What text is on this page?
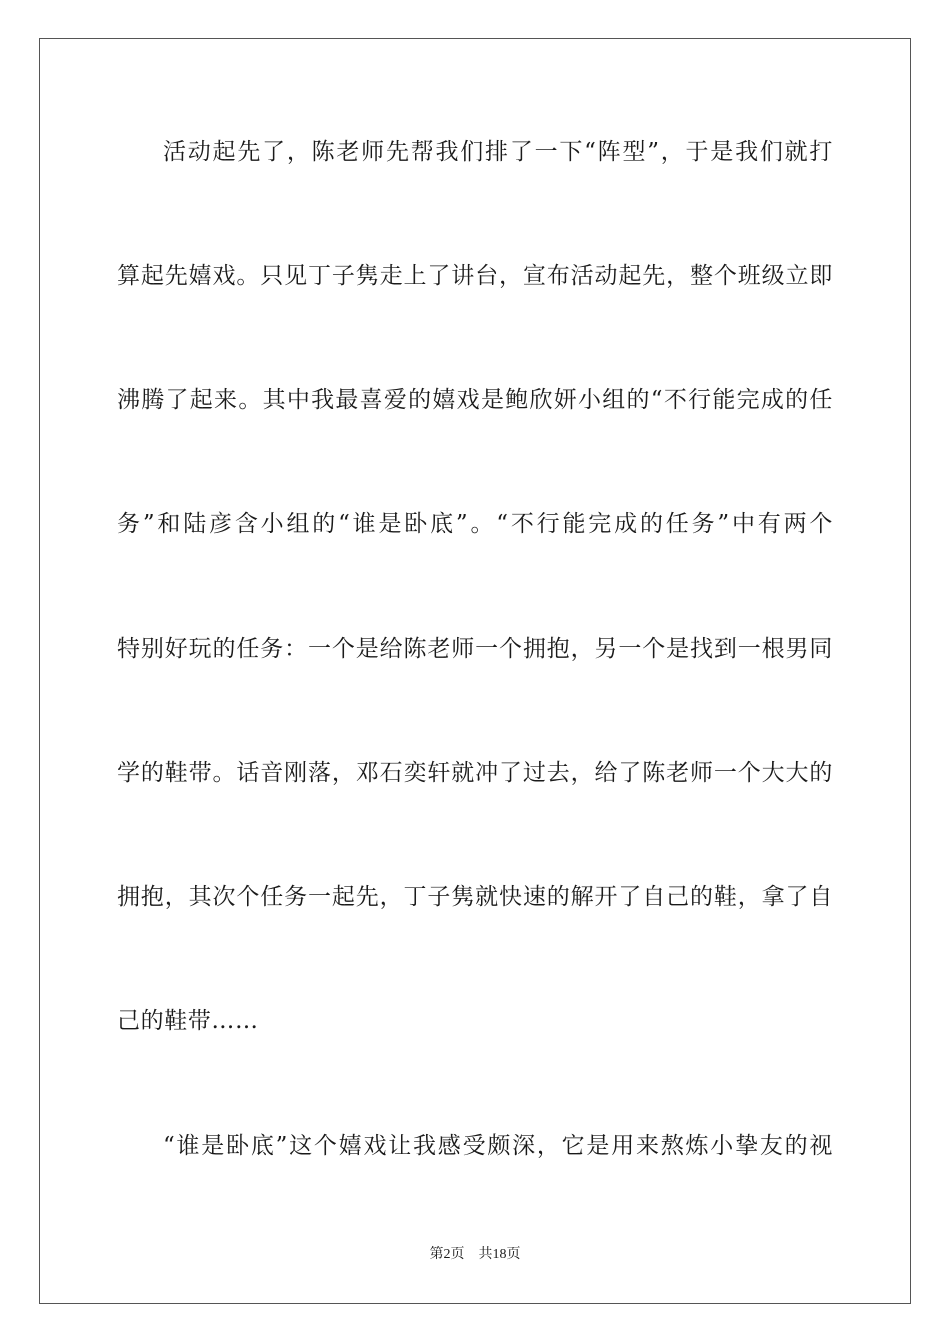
活动起先了，陈老师先帮我们排了一下“阵型”，于是我们就打
算起先嬉戏。只见丁子隽走上了讲台，宣布活动起先，整个班级立即
沸腾了起来。其中我最喜爱的嬉戏是鲍欣妍小组的“不行能完成的任
务”和陆彦含小组的“谁是卧底”。“不行能完成的任务”中有两个
特别好玩的任务：一个是给陈老师一个拥抱，另一个是找到一根男同
学的鞋带。话音刚落，邓石奕轩就冲了过去，给了陈老师一个大大的
拥抱，其次个任务一起先，丁子隽就快速的解开了自己的鞋，拿了自
己的鞋带……
“谁是卧底”这个嬉戏让我感受颇深，它是用来熬炼小挚友的视
第2页 共18页
